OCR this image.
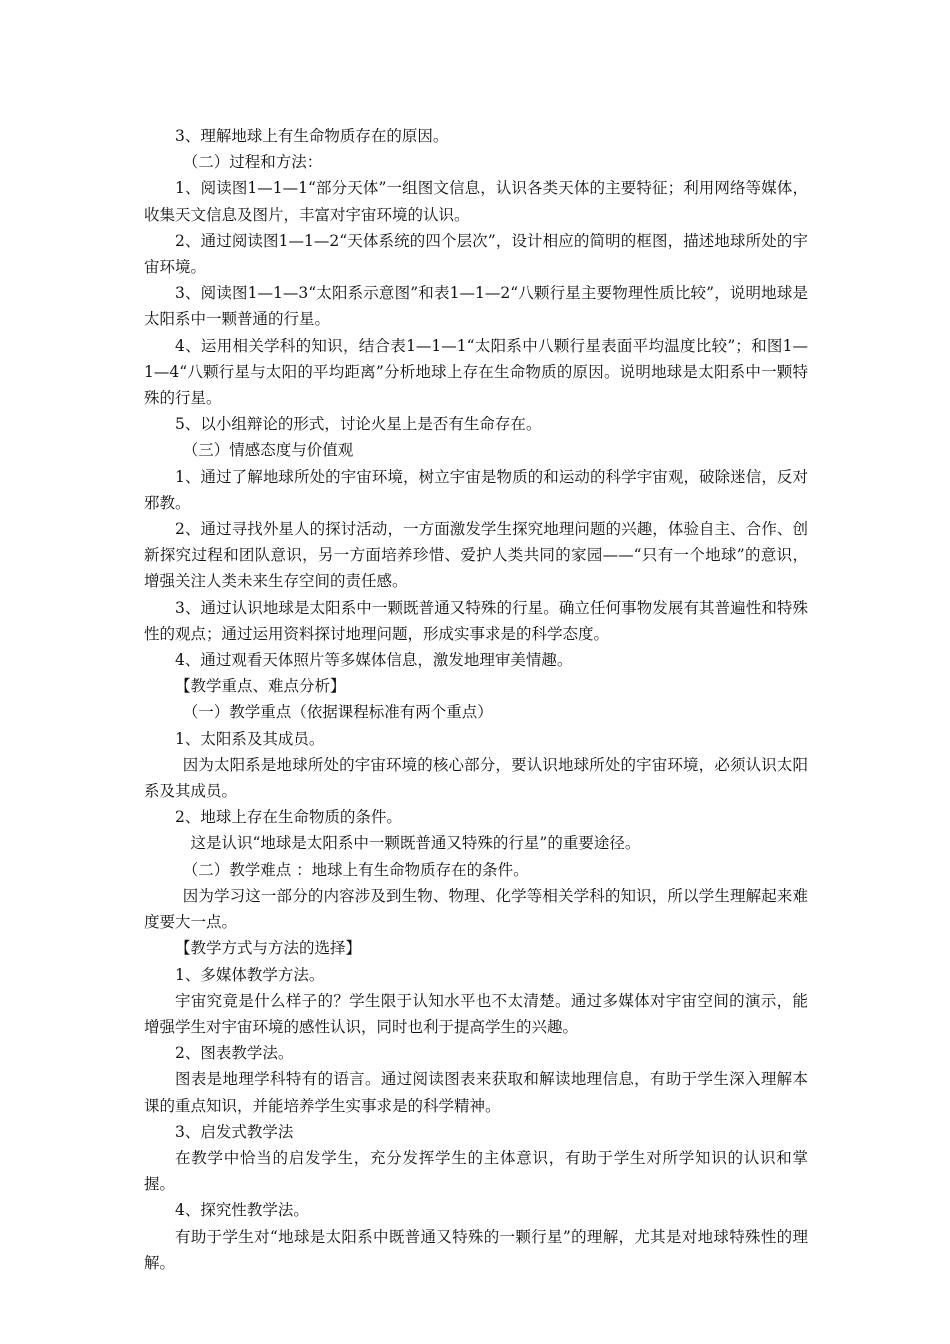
3、理解地球上有生命物质存在的原因。

（二）过程和方法：

1、阅读图1—1—1“部分天体”一组图文信息，认识各类天体的主要特征；利用网络等媒体，收集天文信息及图片，丰富对宇宙环境的认识。

2、通过阅读图1—1—2“天体系统的四个层次”，设计相应的简明的框图，描述地球所处的宇宙环境。

3、阅读图1—1—3“太阳系示意图”和表1—1—2“八颗行星主要物理性质比较”，说明地球是太阳系中一颗普通的行星。

4、运用相关学科的知识，结合表1—1—1“太阳系中八颗行星表面平均温度比较”；和图1—1—4“八颗行星与太阳的平均距离”分析地球上存在生命物质的原因。说明地球是太阳系中一颗特殊的行星。

5、以小组辩论的形式，讨论火星上是否有生命存在。

（三）情感态度与价值观

1、通过了解地球所处的宇宙环境，树立宇宙是物质的和运动的科学宇宙观，破除迷信，反对邪教。

2、通过寻找外星人的探讨活动，一方面激发学生探究地理问题的兴趣，体验自主、合作、创新探究过程和团队意识，另一方面培养珍惜、爱护人类共同的家园——“只有一个地球”的意识，增强关注人类未来生存空间的责任感。

3、通过认识地球是太阳系中一颗既普通又特殊的行星。确立任何事物发展有其普遍性和特殊性的观点；通过运用资料探讨地理问题，形成实事求是的科学态度。

4、通过观看天体照片等多媒体信息，激发地理审美情趣。

【教学重点、难点分析】

（一）教学重点（依据课程标准有两个重点）

1、太阳系及其成员。

因为太阳系是地球所处的宇宙环境的核心部分，要认识地球所处的宇宙环境，必须认识太阳系及其成员。

2、地球上存在生命物质的条件。

这是认识“地球是太阳系中一颗既普通又特殊的行星”的重要途径。

（二）教学难点 ：地球上有生命物质存在的条件。

因为学习这一部分的内容涉及到生物、物理、化学等相关学科的知识，所以学生理解起来难度要大一点。

【教学方式与方法的选择】

1、多媒体教学方法。

宇宙究竟是什么样子的？学生限于认知水平也不太清楚。通过多媒体对宇宙空间的演示，能增强学生对宇宙环境的感性认识，同时也利于提高学生的兴趣。

2、图表教学法。

图表是地理学科特有的语言。通过阅读图表来获取和解读地理信息，有助于学生深入理解本课的重点知识，并能培养学生实事求是的科学精神。

3、启发式教学法

在教学中恰当的启发学生，充分发挥学生的主体意识，有助于学生对所学知识的认识和掌握。

4、探究性教学法。

有助于学生对“地球是太阳系中既普通又特殊的一颗行星”的理解，尤其是对地球特殊性的理解。
